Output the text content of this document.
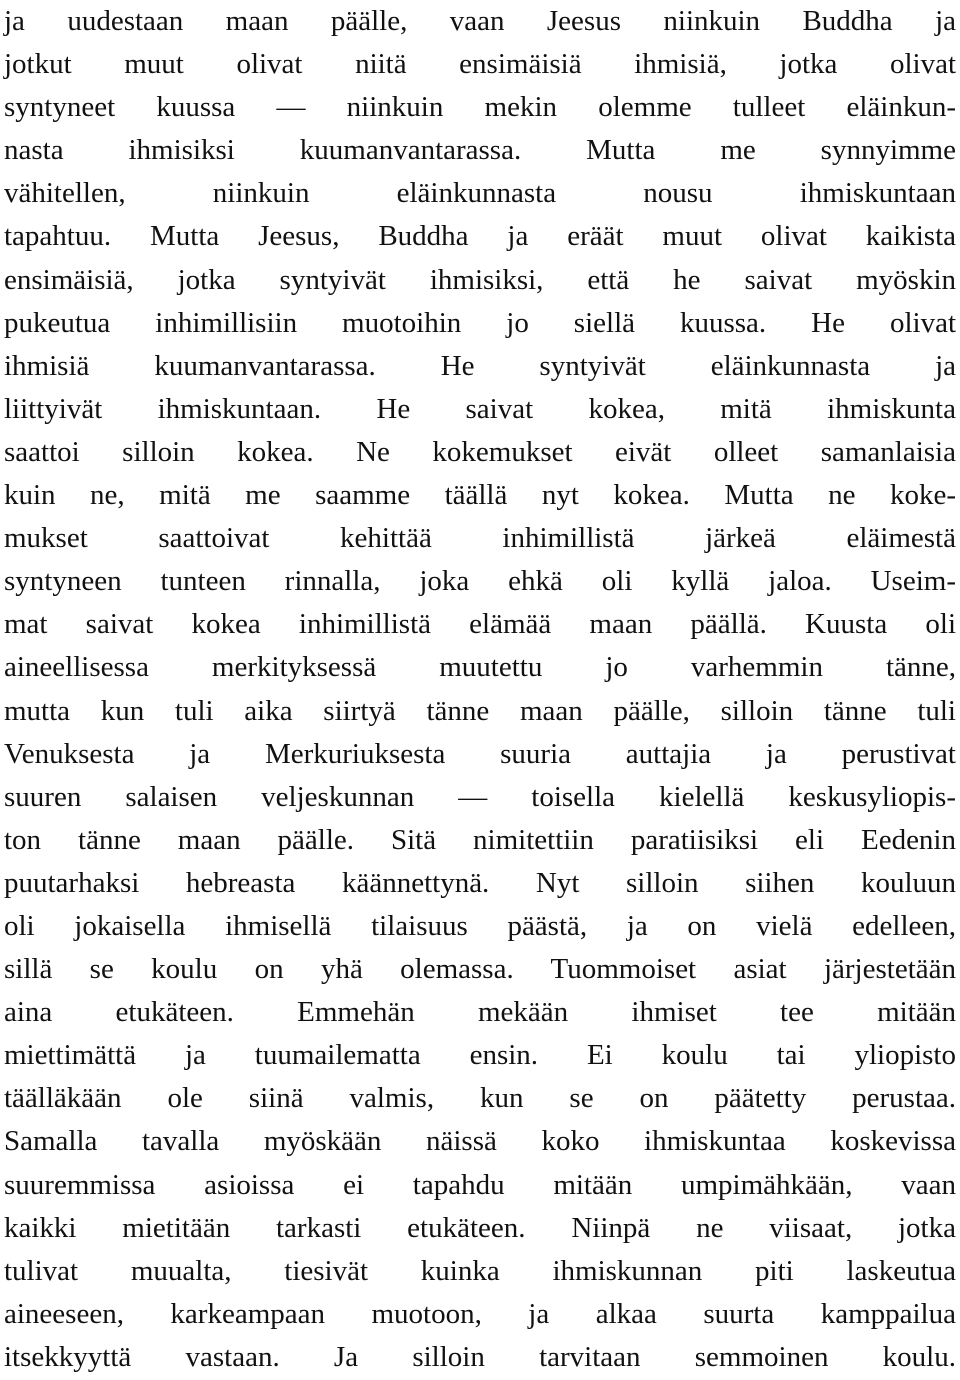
ja uudestaan maan päälle, vaan Jeesus niinkuin Buddha ja
jotkut muut olivat niitä ensimäisiä ihmisiä, jotka olivat
syntyneet kuussa — niinkuin mekin olemme tulleet eläinkun-
nasta ihmisiksi kuumanvantarassa. Mutta me synnyimme
vähitellen, niinkuin eläinkunnasta nousu ihmiskuntaan
tapahtuu. Mutta Jeesus, Buddha ja eräät muut olivat kaikista
ensimäisiä, jotka syntyivät ihmisiksi, että he saivat myöskin
pukeutua inhimillisiin muotoihin jo siellä kuussa. He olivat
ihmisiä kuumanvantarassa. He syntyivät eläinkunnasta ja
liittyivät ihmiskuntaan. He saivat kokea, mitä ihmiskunta
saattoi silloin kokea. Ne kokemukset eivät olleet samanlaisia
kuin ne, mitä me saamme täällä nyt kokea. Mutta ne koke-
mukset saattoivat kehittää inhimillistä järkeä eläimestä
syntyneen tunteen rinnalla, joka ehkä oli kyllä jaloa. Useim-
mat saivat kokea inhimillistä elämää maan päällä. Kuusta oli
aineellisessa merkityksessä muutettu jo varhemmin tänne,
mutta kun tuli aika siirtyä tänne maan päälle, silloin tänne tuli
Venuksesta ja Merkuriuksesta suuria auttajia ja perustivat
suuren salaisen veljeskunnan — toisella kielellä keskusyliopis-
ton tänne maan päälle. Sitä nimitettiin paratiisiksi eli Eedenin
puutarhaksi hebreasta käännettynä. Nyt silloin siihen kouluun
oli jokaisella ihmisellä tilaisuus päästä, ja on vielä edelleen,
sillä se koulu on yhä olemassa. Tuommoiset asiat järjestetään
aina etukäteen. Emmehän mekään ihmiset tee mitään
miettimättä ja tuumailematta ensin. Ei koulu tai yliopisto
täälläkään ole siinä valmis, kun se on päätetty perustaa.
Samalla tavalla myöskään näissä koko ihmiskuntaa koskevissa
suuremmissa asioissa ei tapahdu mitään umpimähkään, vaan
kaikki mietitään tarkasti etukäteen. Niinpä ne viisaat, jotka
tulivat muualta, tiesivät kuinka ihmiskunnan piti laskeutua
aineeseen, karkeampaan muotoon, ja alkaa suurta kamppailua
itsekkyyttä vastaan. Ja silloin tarvitaan semmoinen koulu.
